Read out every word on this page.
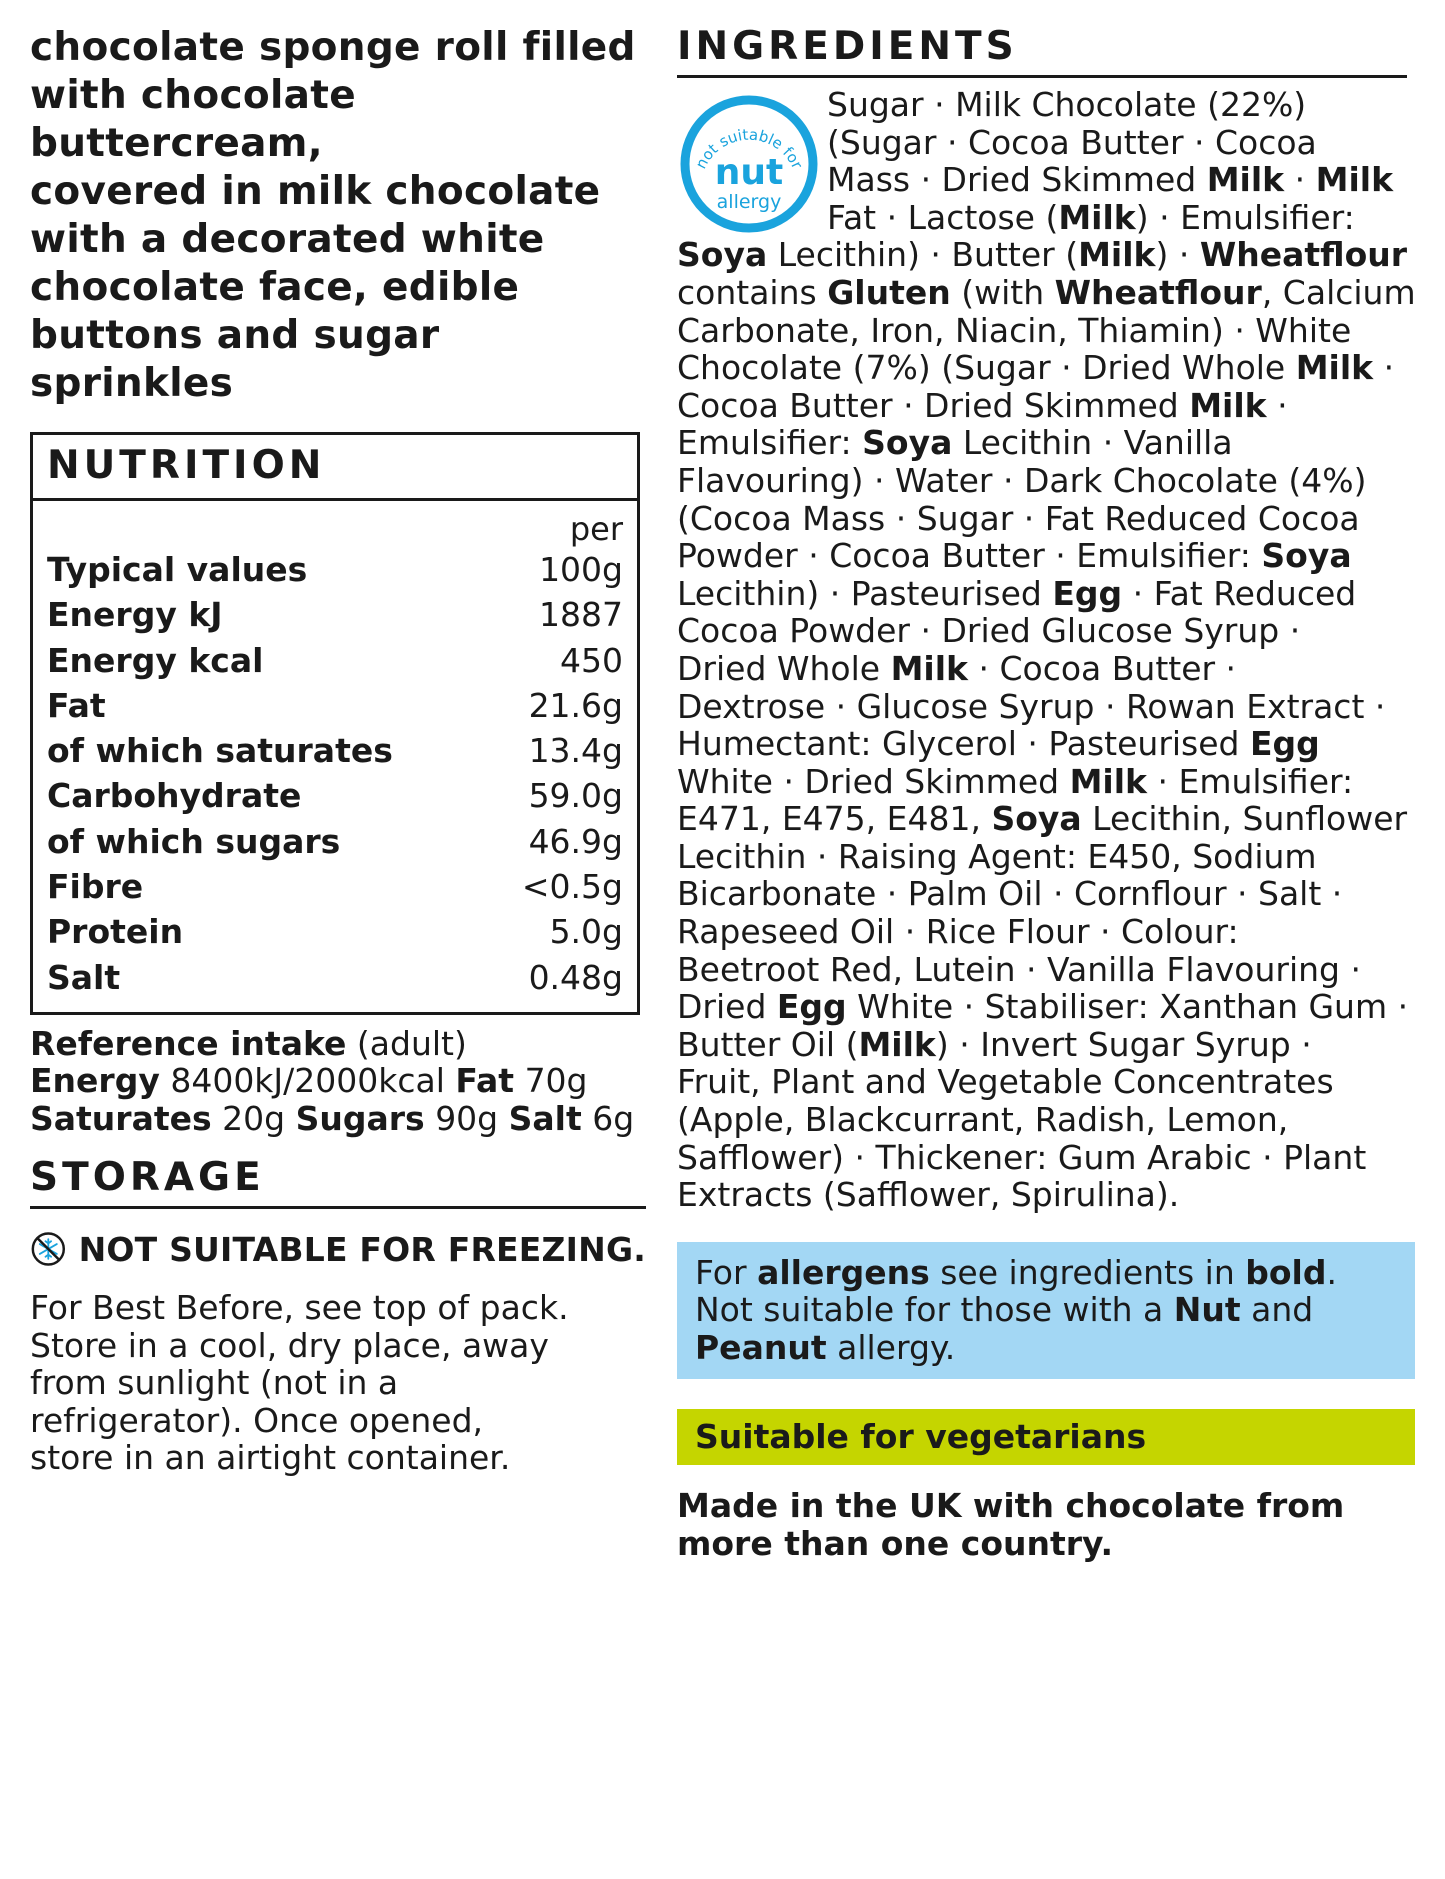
chocolate sponge roll filled
with chocolate buttercream,
covered in milk chocolate
with a decorated white
chocolate face, edible
buttons and sugar sprinkles
NUTRITION
per
Typical values	100g
Energy kJ	1887
Energy kcal	450
Fat	21.6g
of which saturates	13.4g
Carbohydrate	59.0g
of which sugars	46.9g
Fibre	<0.5g
Protein	5.0g
Salt	0.48g
Reference intake (adult)
Energy 8400kJ/2000kcal Fat 70g
Saturates 20g Sugars 90g Salt 6g
STORAGE
NOT SUITABLE FOR FREEZING.
For Best Before, see top of pack.
Store in a cool, dry place, away
from sunlight (not in a
refrigerator). Once opened,
store in an airtight container.
INGREDIENTS
not suitable for
nut
allergy
Sugar · Milk Chocolate (22%)
(Sugar · Cocoa Butter · Cocoa
Mass · Dried Skimmed Milk · Milk
Fat · Lactose (Milk) · Emulsifier:
Soya Lecithin) · Butter (Milk) · Wheatflour
contains Gluten (with Wheatflour, Calcium
Carbonate, Iron, Niacin, Thiamin) · White
Chocolate (7%) (Sugar · Dried Whole Milk ·
Cocoa Butter · Dried Skimmed Milk ·
Emulsifier: Soya Lecithin · Vanilla
Flavouring) · Water · Dark Chocolate (4%)
(Cocoa Mass · Sugar · Fat Reduced Cocoa
Powder · Cocoa Butter · Emulsifier: Soya
Lecithin) · Pasteurised Egg · Fat Reduced
Cocoa Powder · Dried Glucose Syrup ·
Dried Whole Milk · Cocoa Butter ·
Dextrose · Glucose Syrup · Rowan Extract ·
Humectant: Glycerol · Pasteurised Egg
White · Dried Skimmed Milk · Emulsifier:
E471, E475, E481, Soya Lecithin, Sunflower
Lecithin · Raising Agent: E450, Sodium
Bicarbonate · Palm Oil · Cornflour · Salt ·
Rapeseed Oil · Rice Flour · Colour:
Beetroot Red, Lutein · Vanilla Flavouring ·
Dried Egg White · Stabiliser: Xanthan Gum ·
Butter Oil (Milk) · Invert Sugar Syrup ·
Fruit, Plant and Vegetable Concentrates
(Apple, Blackcurrant, Radish, Lemon,
Safflower) · Thickener: Gum Arabic · Plant
Extracts (Safflower, Spirulina).
For allergens see ingredients in bold.
Not suitable for those with a Nut and
Peanut allergy.
Suitable for vegetarians
Made in the UK with chocolate from
more than one country.
